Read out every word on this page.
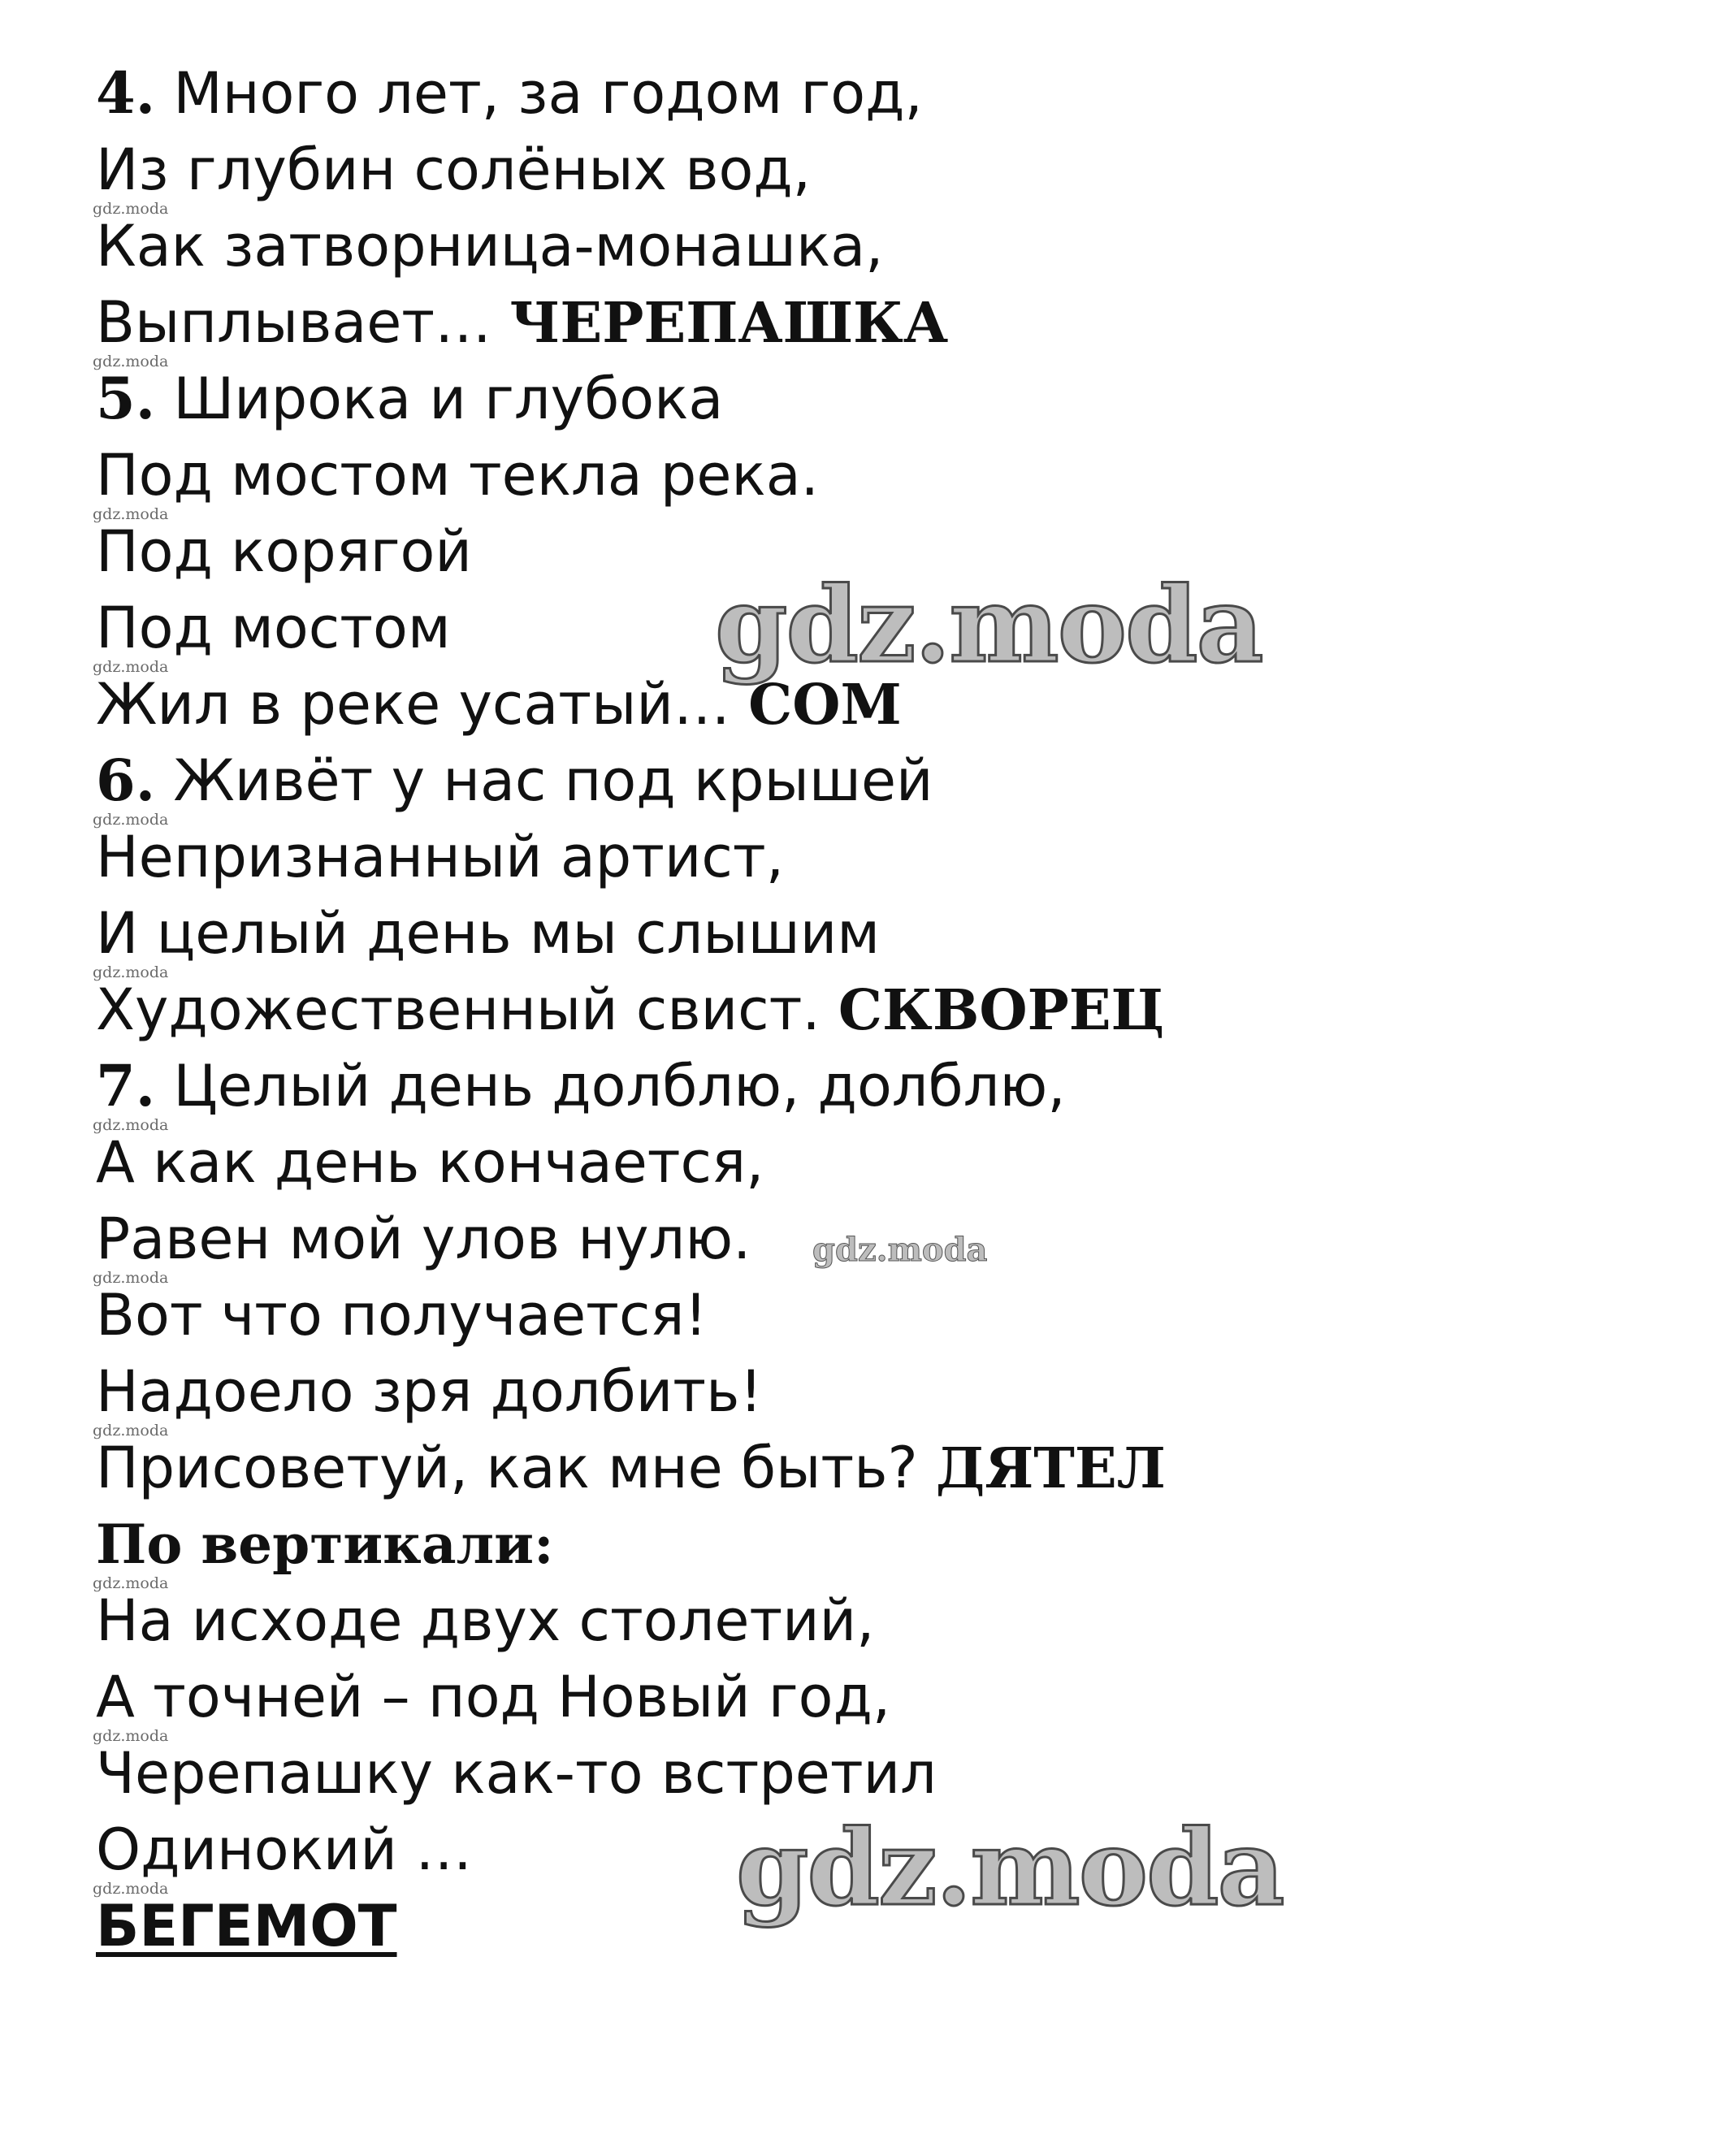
4. Много лет, за годом год,
Из глубин солёных вод,
gdz.moda
Как затворница-монашка,
Выплывает… ЧЕРЕПАШКА
gdz.moda
5. Широка и глубока
Под мостом текла река.
gdz.moda
Под корягой
Под мостом
gdz.moda
Жил в реке усатый… СОМ
6. Живёт у нас под крышей
gdz.moda
Непризнанный артист,
И целый день мы слышим
gdz.moda
Художественный свист. СКВОРЕЦ
7. Целый день долблю, долблю,
gdz.moda
А как день кончается,
Равен мой улов нулю. gdz.moda
gdz.moda
Вот что получается!
Надоело зря долбить!
gdz.moda
Присоветуй, как мне быть? ДЯТЕЛ
По вертикали:
gdz.moda
На исходе двух столетий,
А точней – под Новый год,
gdz.moda
Черепашку как-то встретил
Одинокий …
gdz.moda
БЕГЕМОТ
gdz.moda
gdz.moda
